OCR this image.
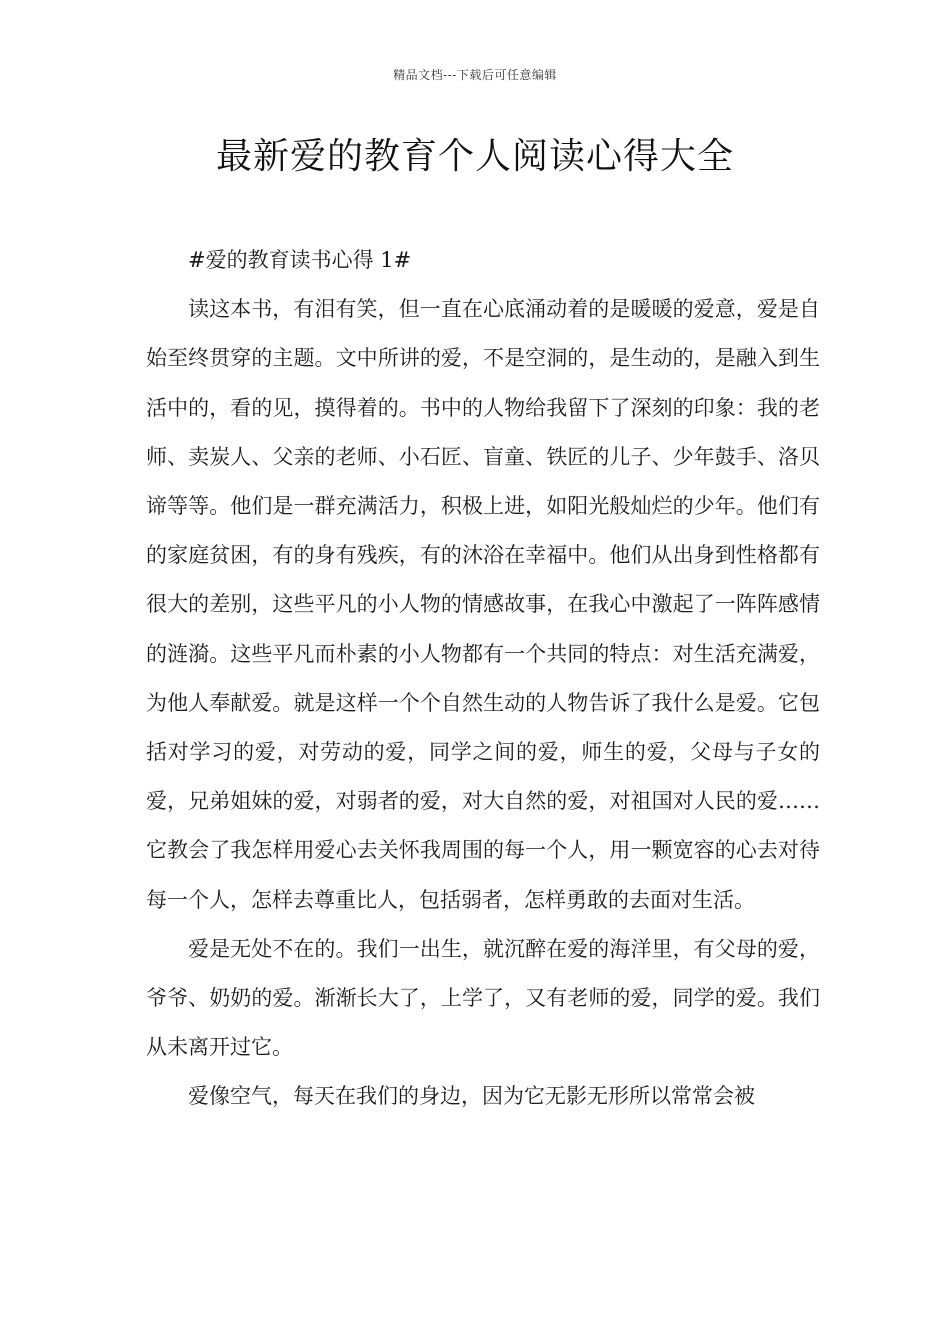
精品文档---下载后可任意编辑
最新爱的教育个人阅读心得大全

#爱的教育读书心得 1#

读这本书，有泪有笑，但一直在心底涌动着的是暖暖的爱意，爱是自始至终贯穿的主题。文中所讲的爱，不是空洞的，是生动的，是融入到生活中的，看的见，摸得着的。书中的人物给我留下了深刻的印象：我的老师、卖炭人、父亲的老师、小石匠、盲童、铁匠的儿子、少年鼓手、洛贝谛等等。他们是一群充满活力，积极上进，如阳光般灿烂的少年。他们有的家庭贫困，有的身有残疾，有的沐浴在幸福中。他们从出身到性格都有很大的差别，这些平凡的小人物的情感故事，在我心中激起了一阵阵感情的涟漪。这些平凡而朴素的小人物都有一个共同的特点：对生活充满爱，为他人奉献爱。就是这样一个个自然生动的人物告诉了我什么是爱。它包括对学习的爱，对劳动的爱，同学之间的爱，师生的爱，父母与子女的爱，兄弟姐妹的爱，对弱者的爱，对大自然的爱，对祖国对人民的爱……它教会了我怎样用爱心去关怀我周围的每一个人，用一颗宽容的心去对待每一个人，怎样去尊重比人，包括弱者，怎样勇敢的去面对生活。

爱是无处不在的。我们一出生，就沉醉在爱的海洋里，有父母的爱，爷爷、奶奶的爱。渐渐长大了，上学了，又有老师的爱，同学的爱。我们从未离开过它。

爱像空气，每天在我们的身边，因为它无影无形所以常常会被
